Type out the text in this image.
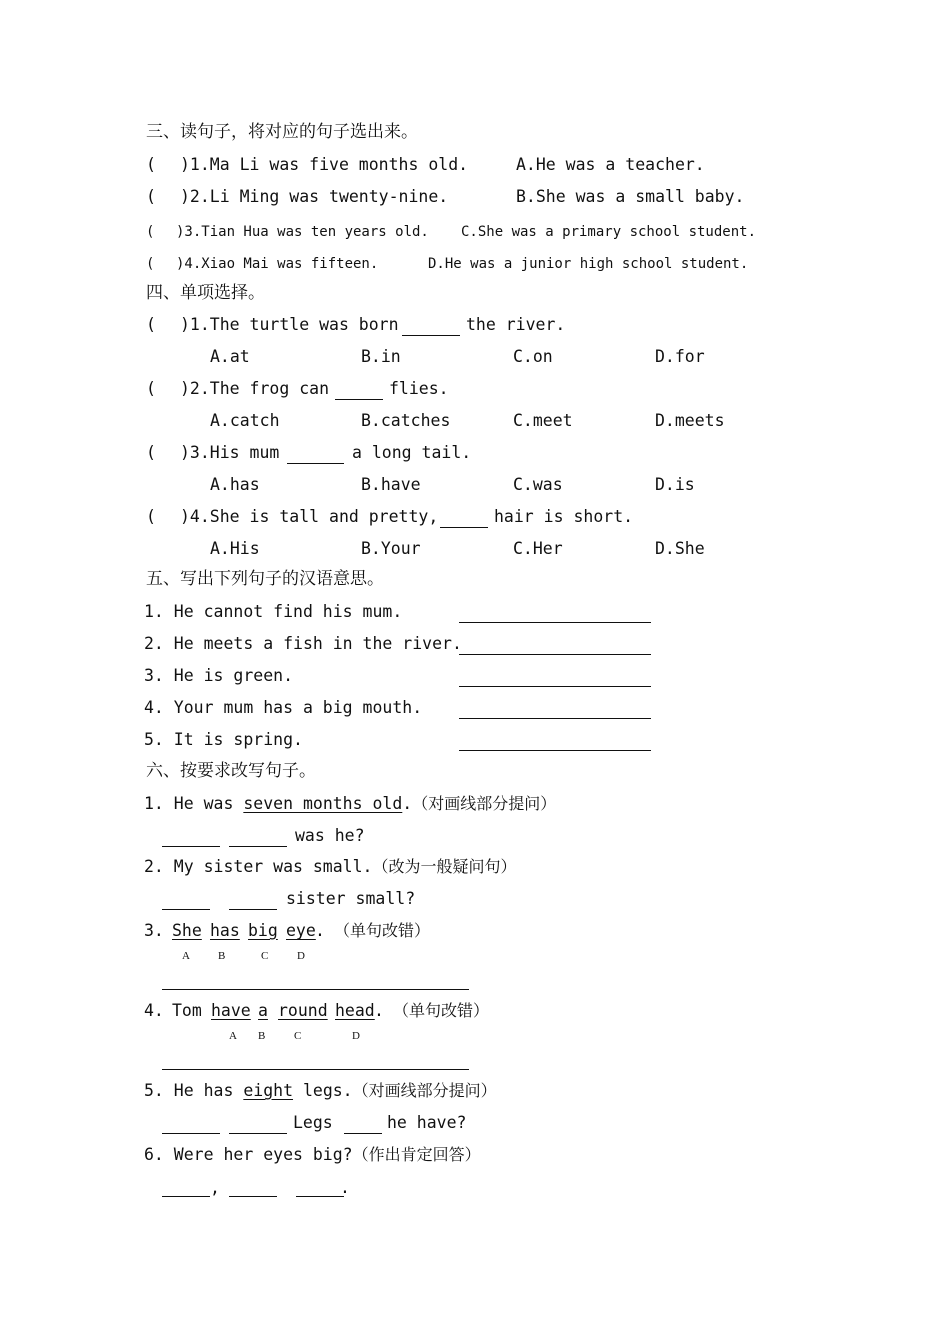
三、读句子，将对应的句子选出来。
( )1.Ma Li was five months old.	A.He was a teacher.
( )2.Li Ming was twenty-nine.	B.She was a small baby.
( )3.Tian Hua was ten years old. C.She was a primary school student.
( )4.Xiao Mai was fifteen.	D.He was a junior high school student.
四、单项选择。
( )1.The turtle was born	the river.
A.at	B.in	C.on	D.for
( )2.The frog can	flies.
A.catch	B.catches	C.meet	D.meets
( )3.His mum	a long tail.
A.has	B.have	C.was	D.is
( )4.She is tall and pretty,	hair is short.
A.His	B.Your	C.Her	D.She
五、写出下列句子的汉语意思。
1. He cannot find his mum.
2. He meets a fish in the river.
3. He is green.
4. Your mum has a big mouth.
5. It is spring.
六、按要求改写句子。
1. He was seven months old.（对画线部分提问）
was he?
2. My sister was small.（改为一般疑问句）
sister small?
3. She has big eye . （单句改错）
A	B	C	D
4. Tom have a round head . （单句改错）
A B	C	D
5. He has eight legs.（对画线部分提问）
Legs	he have?
6. Were her eyes big?（作出肯定回答）
,	.
